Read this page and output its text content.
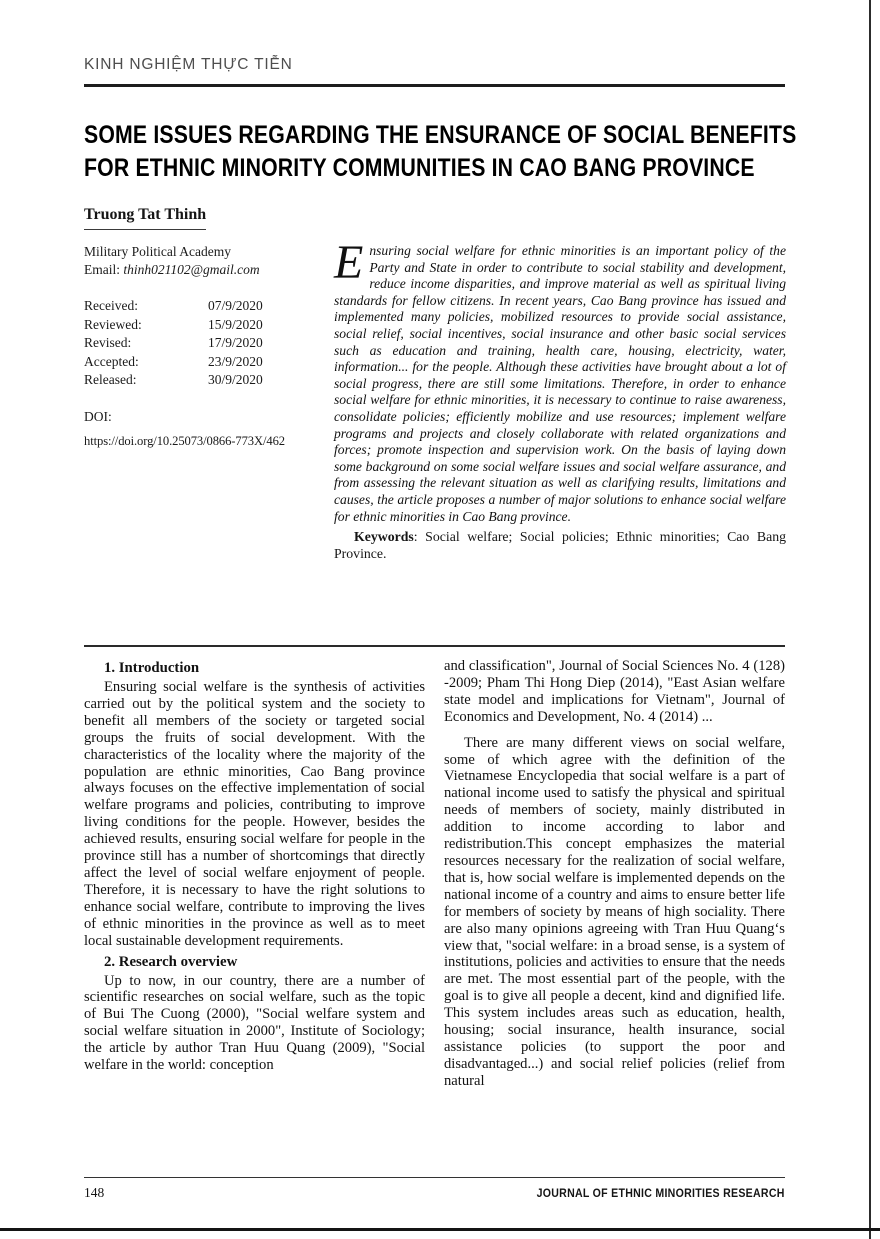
KINH NGHIỆM THỰC TIỄN
SOME ISSUES REGARDING THE ENSURANCE OF SOCIAL BENEFITS
FOR ETHNIC MINORITY COMMUNITIES IN CAO BANG PROVINCE
Truong Tat Thinh
Military Political Academy
Email: thinh021102@gmail.com
Received:	07/9/2020
Reviewed:	15/9/2020
Revised:	17/9/2020
Accepted:	23/9/2020
Released:	30/9/2020
DOI:
https://doi.org/10.25073/0866-773X/462

Ensuring social welfare for ethnic minorities is an important policy of the Party and State in order to contribute to social stability and development, reduce income disparities, and improve material as well as spiritual living standards for fellow citizens. In recent years, Cao Bang province has issued and implemented many policies, mobilized resources to provide social assistance, social relief, social incentives, social insurance and other basic social services such as education and training, health care, housing, electricity, water, information... for the people. Although these activities have brought about a lot of social progress, there are still some limitations. Therefore, in order to enhance social welfare for ethnic minorities, it is necessary to continue to raise awareness, consolidate policies; efficiently mobilize and use resources; implement welfare programs and projects and closely collaborate with related organizations and forces; promote inspection and supervision work. On the basis of laying down some background on some social welfare issues and social welfare assurance, and from assessing the relevant situation as well as clarifying results, limitations and causes, the article proposes a number of major solutions to enhance social welfare for ethnic minorities in Cao Bang province.

Keywords: Social welfare; Social policies; Ethnic minorities; Cao Bang Province.

1. Introduction

Ensuring social welfare is the synthesis of activities carried out by the political system and the society to benefit all members of the society or targeted social groups the fruits of social development. With the characteristics of the locality where the majority of the population are ethnic minorities, Cao Bang province always focuses on the effective implementation of social welfare programs and policies, contributing to improve living conditions for the people. However, besides the achieved results, ensuring social welfare for people in the province still has a number of shortcomings that directly affect the level of social welfare enjoyment of people. Therefore, it is necessary to have the right solutions to enhance social welfare, contribute to improving the lives of ethnic minorities in the province as well as to meet local sustainable development requirements.

2. Research overview

Up to now, in our country, there are a number of scientific researches on social welfare, such as the topic of Bui The Cuong (2000), "Social welfare system and social welfare situation in 2000", Institute of Sociology; the article by author Tran Huu Quang (2009), "Social welfare in the world: conception

and classification", Journal of Social Sciences No. 4 (128) -2009; Pham Thi Hong Diep (2014), "East Asian welfare state model and implications for Vietnam", Journal of Economics and Development, No. 4 (2014) ...

There are many different views on social welfare, some of which agree with the definition of the Vietnamese Encyclopedia that social welfare is a part of national income used to satisfy the physical and spiritual needs of members of society, mainly distributed in addition to income according to labor and redistribution.This concept emphasizes the material resources necessary for the realization of social welfare, that is, how social welfare is implemented depends on the national income of a country and aims to ensure better life for members of society by means of high sociality. There are also many opinions agreeing with Tran Huu Quang‘s view that, "social welfare: in a broad sense, is a system of institutions, policies and activities to ensure that the needs are met. The most essential part of the people, with the goal is to give all people a decent, kind and dignified life. This system includes areas such as education, health, housing; social insurance, health insurance, social assistance policies (to support the poor and disadvantaged...) and social relief policies (relief from natural

148	JOURNAL OF ETHNIC MINORITIES RESEARCH
